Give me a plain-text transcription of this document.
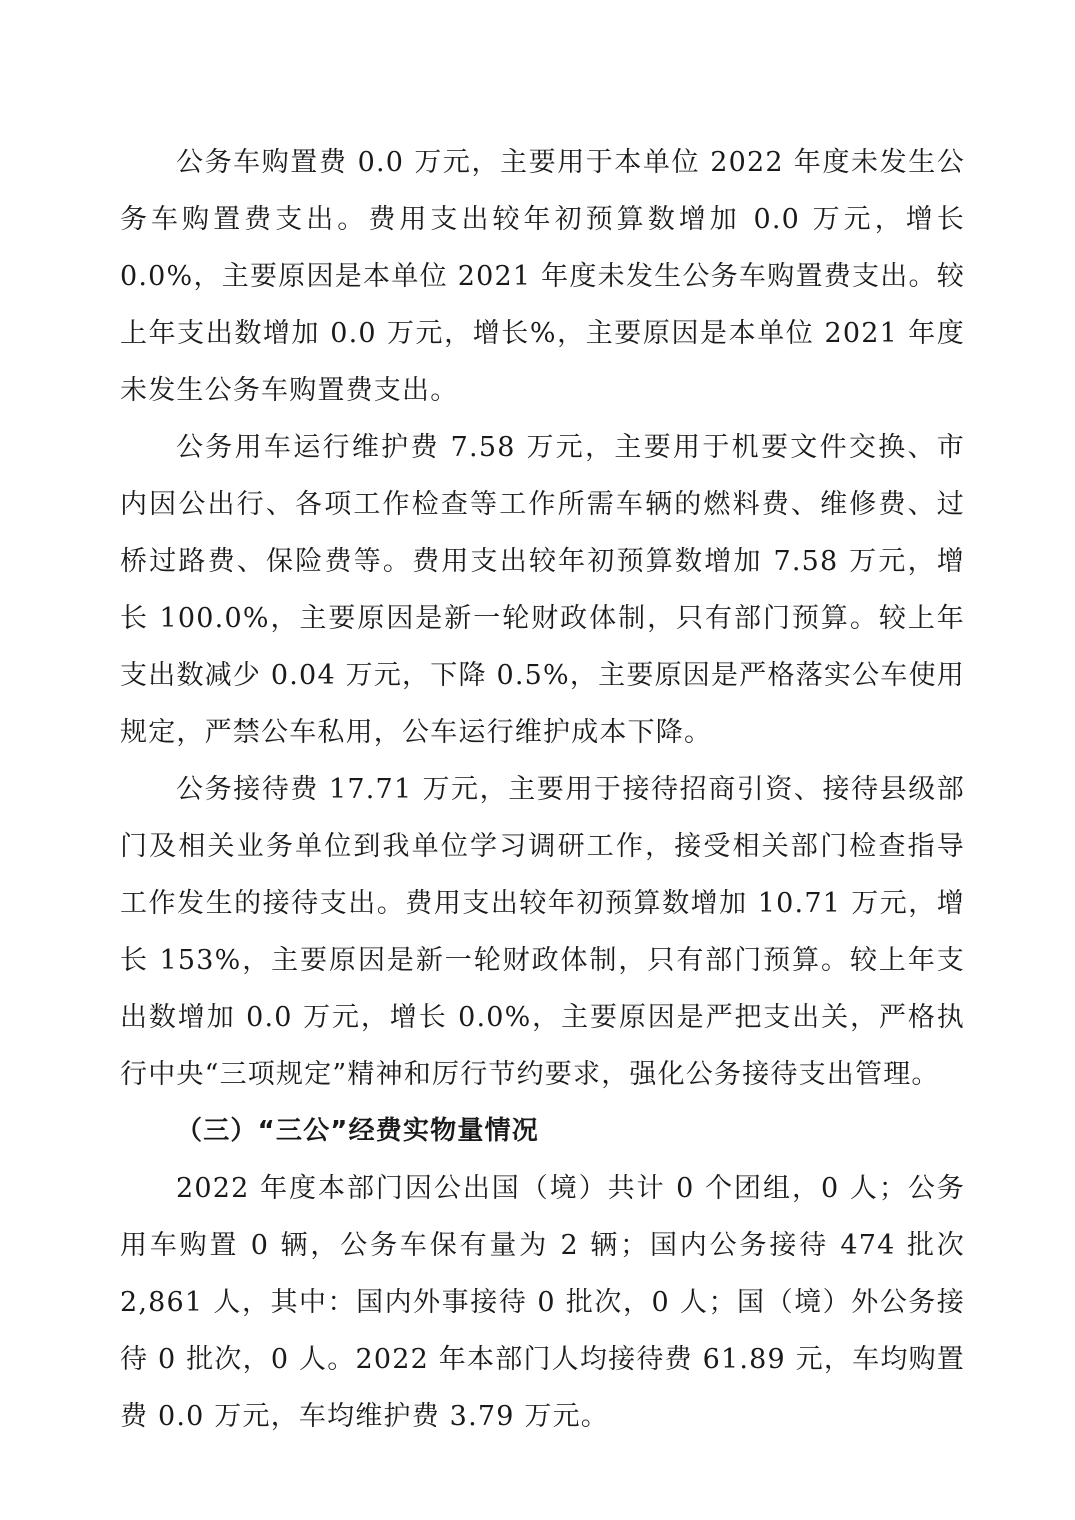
公务车购置费 0.0 万元，主要用于本单位 2022 年度未发生公务车购置费支出。费用支出较年初预算数增加 0.0 万元，增长 0.0%，主要原因是本单位 2021 年度未发生公务车购置费支出。较上年支出数增加 0.0 万元，增长%，主要原因是本单位 2021 年度未发生公务车购置费支出。

公务用车运行维护费 7.58 万元，主要用于机要文件交换、市内因公出行、各项工作检查等工作所需车辆的燃料费、维修费、过桥过路费、保险费等。费用支出较年初预算数增加 7.58 万元，增长 100.0%，主要原因是新一轮财政体制，只有部门预算。较上年支出数减少 0.04 万元，下降 0.5%，主要原因是严格落实公车使用规定，严禁公车私用，公车运行维护成本下降。

公务接待费 17.71 万元，主要用于接待招商引资、接待县级部门及相关业务单位到我单位学习调研工作，接受相关部门检查指导工作发生的接待支出。费用支出较年初预算数增加 10.71 万元，增长 153%，主要原因是新一轮财政体制，只有部门预算。较上年支出数增加 0.0 万元，增长 0.0%，主要原因是严把支出关，严格执行中央“三项规定”精神和厉行节约要求，强化公务接待支出管理。

（三）“三公”经费实物量情况

2022 年度本部门因公出国（境）共计 0 个团组，0 人；公务用车购置 0 辆，公务车保有量为 2 辆；国内公务接待 474 批次 2,861 人，其中：国内外事接待 0 批次，0 人；国（境）外公务接待 0 批次，0 人。2022 年本部门人均接待费 61.89 元，车均购置费 0.0 万元，车均维护费 3.79 万元。
